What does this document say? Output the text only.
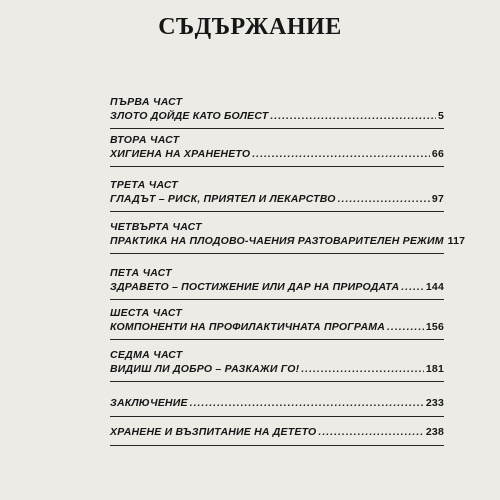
СЪДЪРЖАНИЕ
ПЪРВА ЧАСТ
ЗЛОТО ДОЙДЕ КАТО БОЛЕСТ .....	5
ВТОРА ЧАСТ
ХИГИЕНА НА ХРАНЕНЕТО .....	66
ТРЕТА ЧАСТ
ГЛАДЪТ – РИСК, ПРИЯТЕЛ И ЛЕКАРСТВО .....	97
ЧЕТВЪРТА ЧАСТ
ПРАКТИКА НА ПЛОДОВО-ЧАЕНИЯ РАЗТОВАРИТЕЛЕН РЕЖИМ 117
ПЕТА ЧАСТ
ЗДРАВЕТО – ПОСТИЖЕНИЕ ИЛИ ДАР НА ПРИРОДАТА .....	144
ШЕСТА ЧАСТ
КОМПОНЕНТИ НА ПРОФИЛАКТИЧНАТА ПРОГРАМА .....	156
СЕДМА ЧАСТ
ВИДИШ ЛИ ДОБРО – РАЗКАЖИ ГО! .....	181
ЗАКЛЮЧЕНИЕ .....	233
ХРАНЕНЕ И ВЪЗПИТАНИЕ НА ДЕТЕТО .....	238
